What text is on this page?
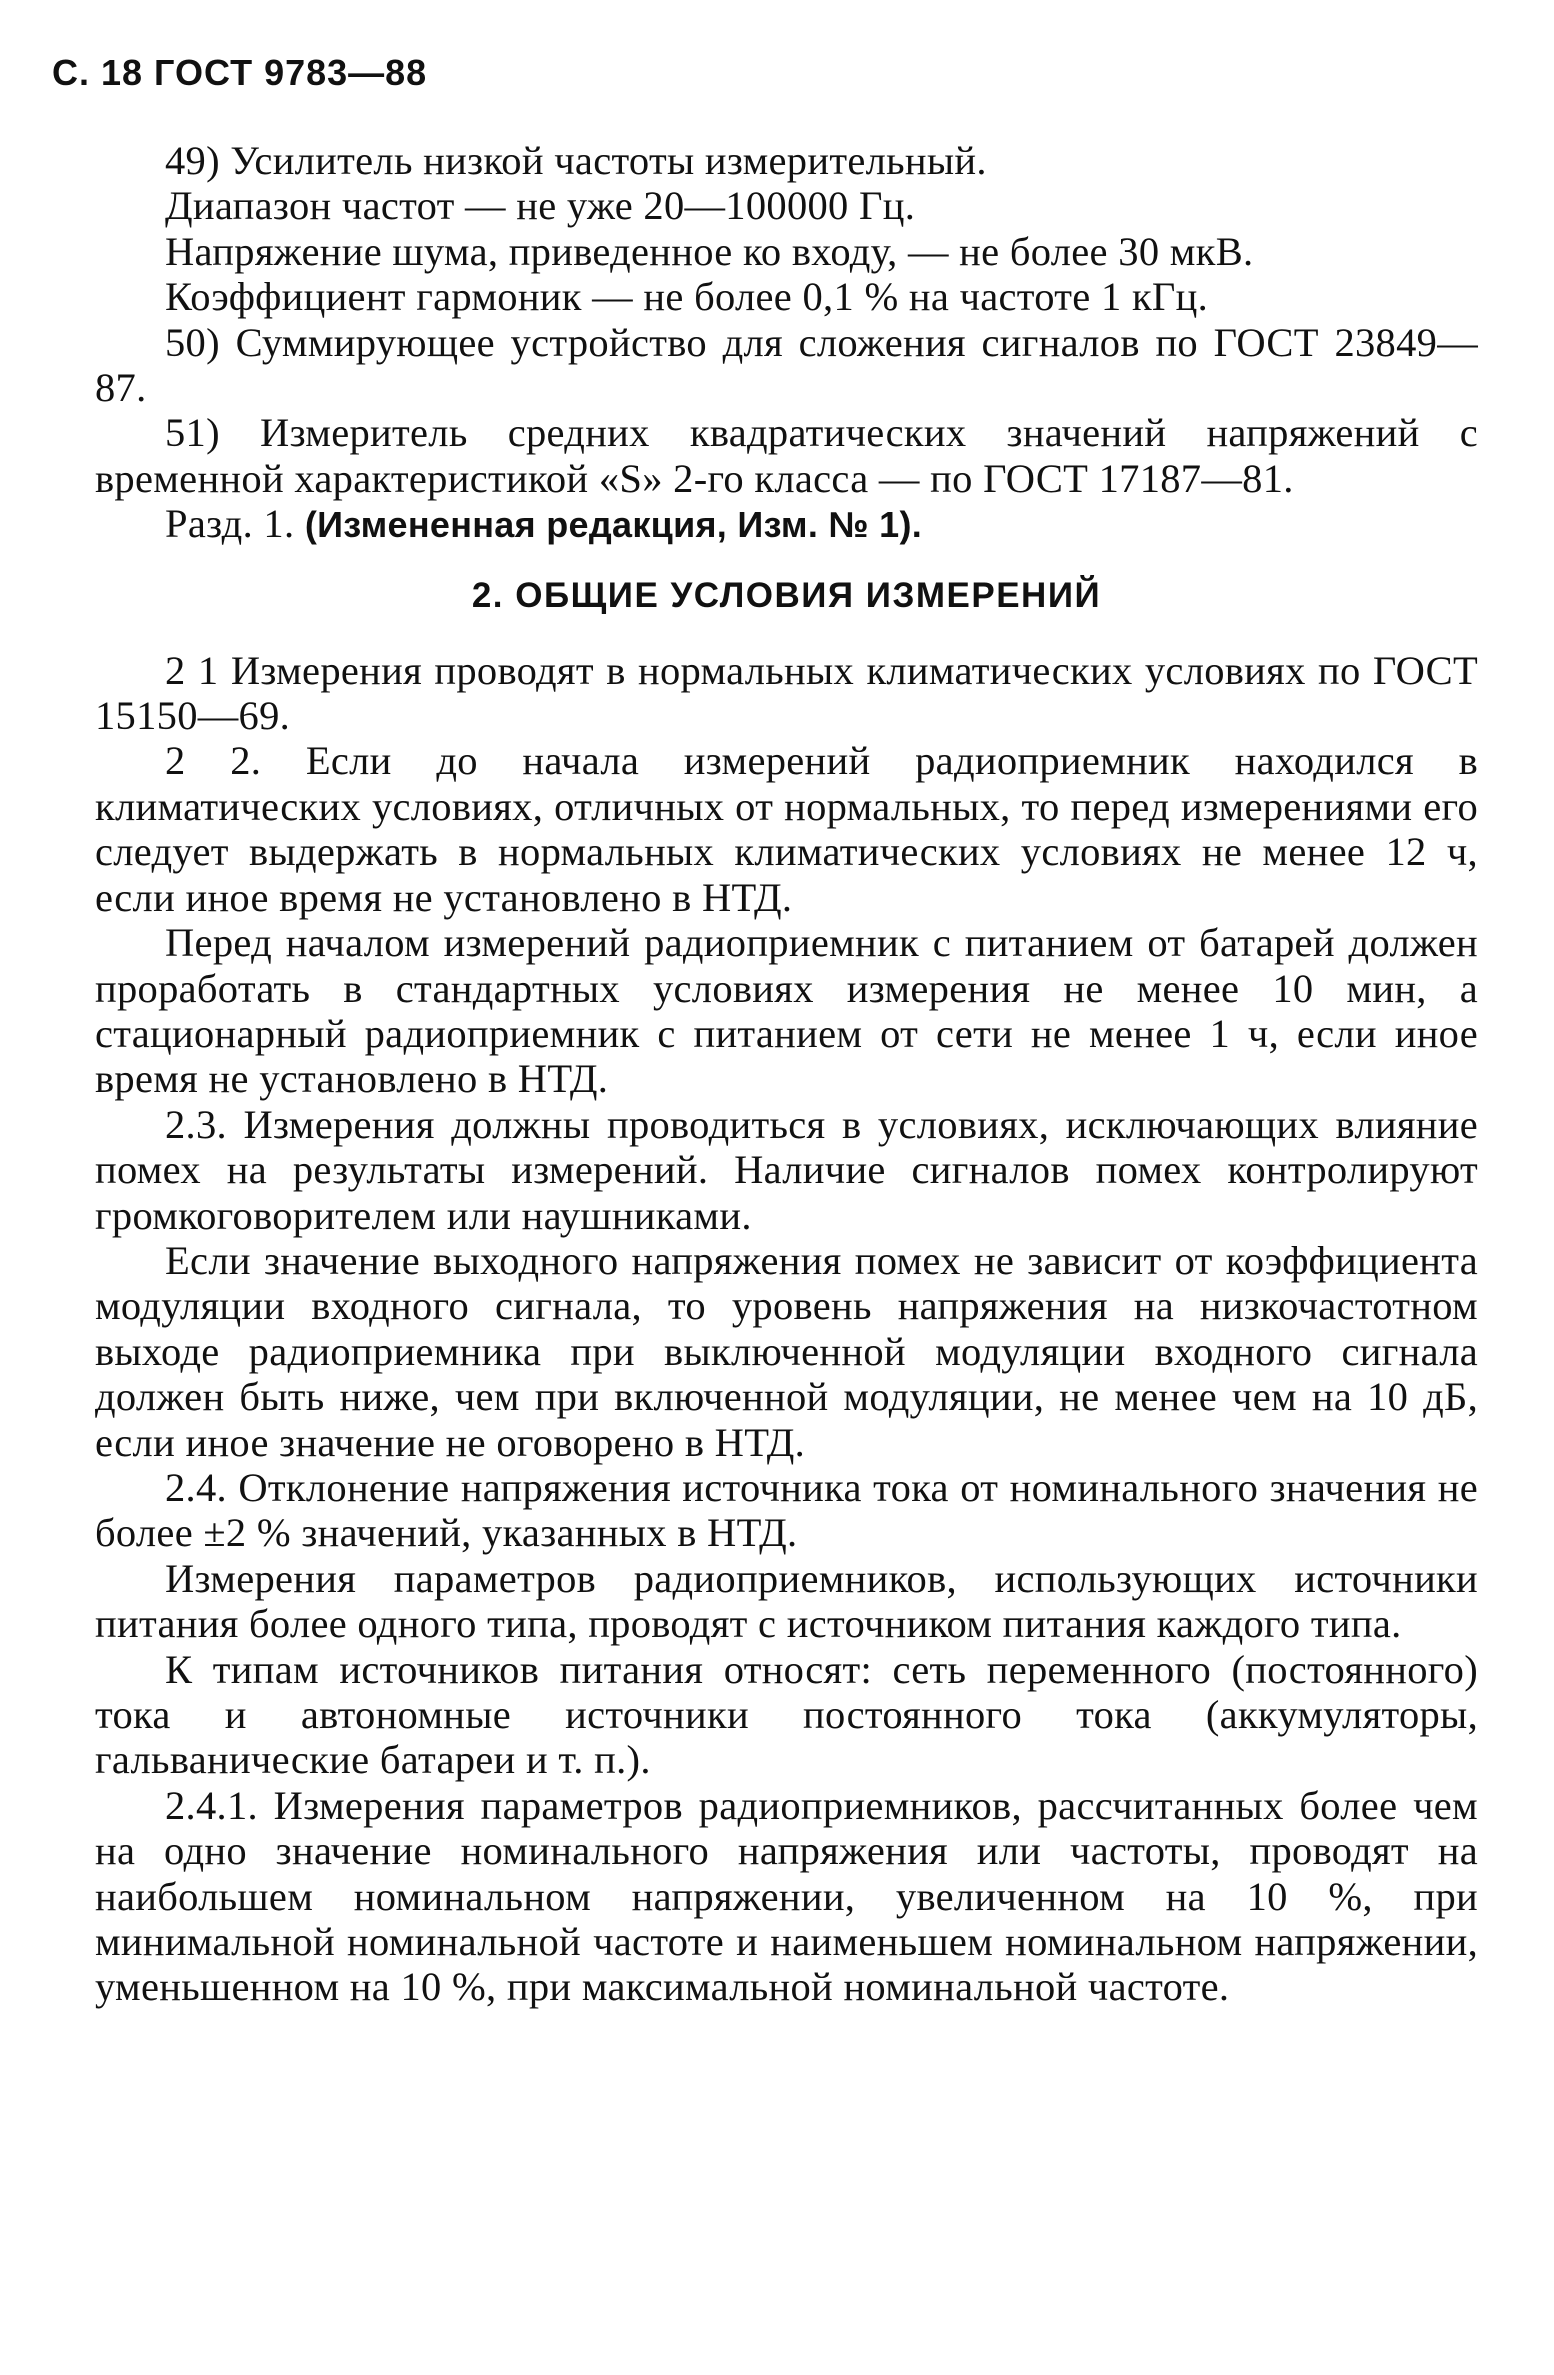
С. 18 ГОСТ 9783—88

49) Усилитель низкой частоты измерительный.

Диапазон частот — не уже 20—100000 Гц.

Напряжение шума, приведенное ко входу, — не более 30 мкВ.

Коэффициент гармоник — не более 0,1 % на частоте 1 кГц.

50) Суммирующее устройство для сложения сигналов по ГОСТ 23849—87.

51) Измеритель средних квадратических значений напряжений с временной характеристикой «S» 2-го класса — по ГОСТ 17187—81.

Разд. 1. (Измененная редакция, Изм. № 1).

2. ОБЩИЕ УСЛОВИЯ ИЗМЕРЕНИЙ

2 1 Измерения проводят в нормальных климатических условиях по ГОСТ 15150—69.

2 2. Если до начала измерений радиоприемник находился в климатических условиях, отличных от нормальных, то перед измерениями его следует выдержать в нормальных климатических условиях не менее 12 ч, если иное время не установлено в НТД.

Перед началом измерений радиоприемник с питанием от батарей должен проработать в стандартных условиях измерения не менее 10 мин, а стационарный радиоприемник с питанием от сети не менее 1 ч, если иное время не установлено в НТД.

2.3. Измерения должны проводиться в условиях, исключающих влияние помех на результаты измерений. Наличие сигналов помех контролируют громкоговорителем или наушниками.

Если значение выходного напряжения помех не зависит от коэффициента модуляции входного сигнала, то уровень напряжения на низкочастотном выходе радиоприемника при выключенной модуляции входного сигнала должен быть ниже, чем при включенной модуляции, не менее чем на 10 дБ, если иное значение не оговорено в НТД.

2.4. Отклонение напряжения источника тока от номинального значения не более ±2 % значений, указанных в НТД.

Измерения параметров радиоприемников, использующих источники питания более одного типа, проводят с источником питания каждого типа.

К типам источников питания относят: сеть переменного (постоянного) тока и автономные источники постоянного тока (аккумуляторы, гальванические батареи и т. п.).

2.4.1. Измерения параметров радиоприемников, рассчитанных более чем на одно значение номинального напряжения или частоты, проводят на наибольшем номинальном напряжении, увеличенном на 10 %, при минимальной номинальной частоте и наименьшем номинальном напряжении, уменьшенном на 10 %, при максимальной номинальной частоте.
